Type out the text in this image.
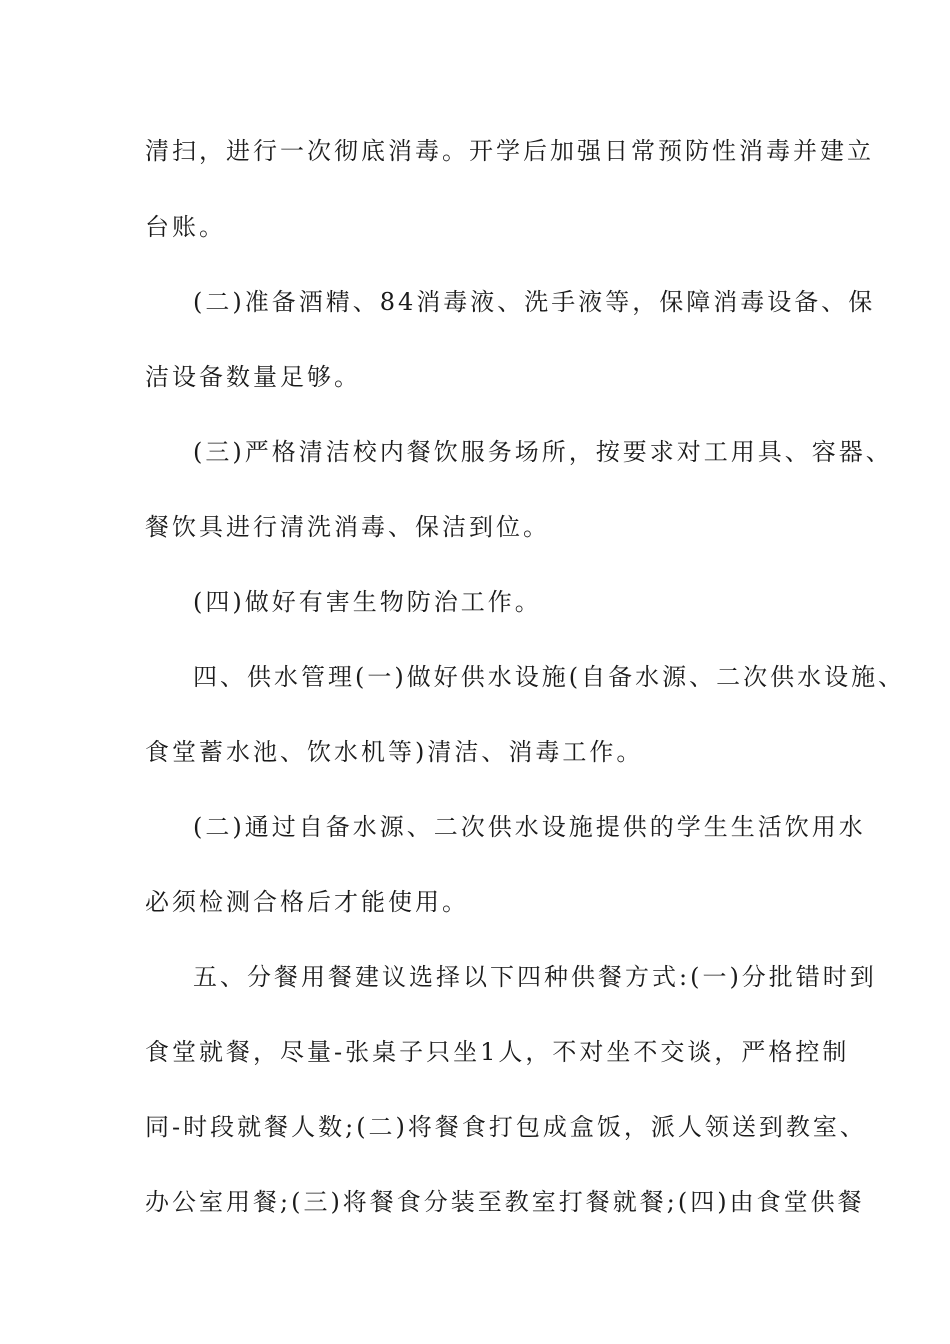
清扫，进行一次彻底消毒。开学后加强日常预防性消毒并建立
台账。
(二)准备酒精、84消毒液、洗手液等，保障消毒设备、保
洁设备数量足够。
(三)严格清洁校内餐饮服务场所，按要求对工用具、容器、
餐饮具进行清洗消毒、保洁到位。
(四)做好有害生物防治工作。
四、供水管理(一)做好供水设施(自备水源、二次供水设施、
食堂蓄水池、饮水机等)清洁、消毒工作。
(二)通过自备水源、二次供水设施提供的学生生活饮用水
必须检测合格后才能使用。
五、分餐用餐建议选择以下四种供餐方式:(一)分批错时到
食堂就餐，尽量-张桌子只坐1人，不对坐不交谈，严格控制
同-时段就餐人数;(二)将餐食打包成盒饭，派人领送到教室、
办公室用餐;(三)将餐食分装至教室打餐就餐;(四)由食堂供餐
